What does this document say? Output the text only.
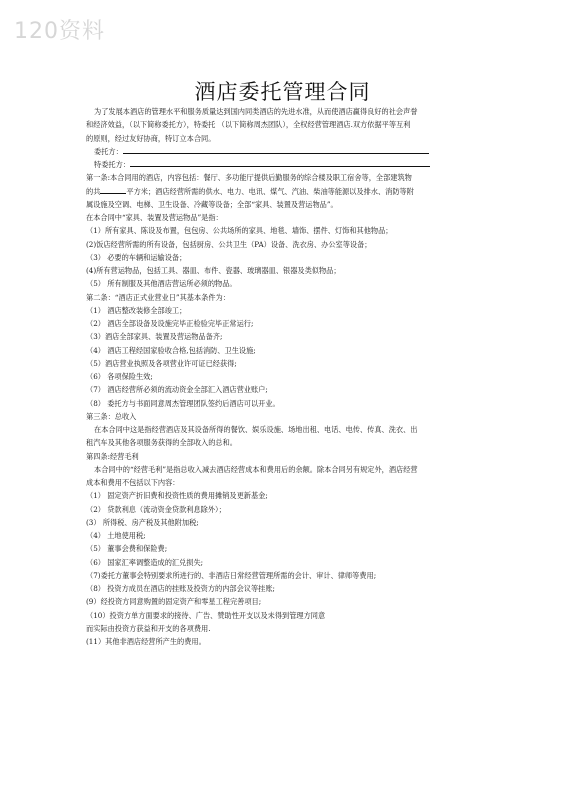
120资料
酒店委托管理合同

为了发展本酒店的管理水平和服务质量达到国内同类酒店的先进水准，从而使酒店赢得良好的社会声誉

和经济效益，（以下简称委托方），特委托 （以下简称周杰团队），全权经营管理酒店.双方依据平等互利

的原则，经过友好协商，特订立本合同。

委托方：

特委托方：

第一条:本合同用的酒店，内容包括：餐厅、多功能厅提供后勤服务的综合楼及职工宿舍等，全部建筑物

的共	平方米；酒店经营所需的供水、电力、电讯、煤气、汽油、柴油等能源以及排水、消防等附

属设施及空调、电梯、卫生设备、冷藏等设备；全部“家具、装置及营运物品”。

在本合同中“家具、装置及营运物品”是指：

（1）所有家具、陈设及布置，包包房、公共场所的家具、地毯、墙饰、摆件、灯饰和其他物品；

(2)饭店经营所需的所有设备，包括厨房、公共卫生（PA）设备、洗衣房、办公室等设备；

（3） 必要的车辆和运输设备；

(4)所有营运物品，包括工具、器皿、布件、瓷器、玻璃器皿、银器及类似物品；

（5） 所有制服及其他酒店营运所必须的物品。

第二条：“酒店正式业营业日”其基本条件为：

（1） 酒店整改装修全部竣工；

（2） 酒店全部设备及设施完毕正检验完毕正常运行;

（3）酒店全部家具、装置及营运物品备齐;

（4） 酒店工程经国家验收合格,包括消防、卫生设施;

（5）酒店营业执照及各项营业许可证已经获得;

（6） 各项保险生效;

（7） 酒店经营所必须的流动资金全部汇入酒店营业账户;

（8） 委托方与书面同意周杰管理团队签约后酒店可以开业。

第三条：总收入

在本合同中这是指经营酒店及其设备所得的餐饮、娱乐设施、场地出租、电话、电传、传真、洗衣、出

租汽车及其他各项服务获得的全部收入的总和。

第四条:经营毛利

本合同中的“经营毛利”是指总收入减去酒店经营成本和费用后的余额。除本合同另有规定外，酒店经营

成本和费用不包括以下内容：

（1） 固定资产折旧费和投资性质的费用摊销及更新基金;

（2） 贷款利息（流动资金贷款利息除外）；

(3） 所得税、房产税及其他附加税;

（4） 土地使用税;

（5） 董事会费和保险费;

（6） 国家汇率调整造成的汇兑损失;

（7)委托方董事会特别要求所进行的、非酒店日常经营管理所需的会计、审计、律师等费用;

（8） 投资方成员在酒店的挂账及投资方的内部会议等挂账;

(9）经投资方同意购置的固定资产和零星工程完善项目;

（10）投资方单方面要求的接待、广告、赞助性开支以及未得到管理方同意

而实际由投资方获益和开支的各项费用.

(11）其他非酒店经营所产生的费用。
